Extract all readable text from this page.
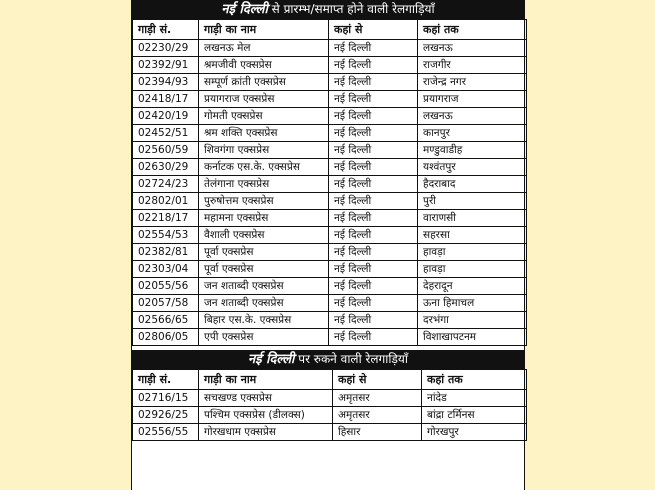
नई दिल्ली से प्रारम्भ/समाप्त होने वाली रेलगाड़ियाँ
गाड़ी सं.	गाड़ी का नाम	कहां से	कहां तक
02230/29	लखनऊ मेल	नई दिल्ली	लखनऊ
02392/91	श्रमजीवी एक्सप्रेस	नई दिल्ली	राजगीर
02394/93	सम्पूर्ण क्रांती एक्सप्रेस	नई दिल्ली	राजेन्द्र नगर
02418/17	प्रयागराज एक्सप्रेस	नई दिल्ली	प्रयागराज
02420/19	गोमती एक्सप्रेस	नई दिल्ली	लखनऊ
02452/51	श्रम शक्ति एक्सप्रेस	नई दिल्ली	कानपुर
02560/59	शिवगंगा एक्सप्रेस	नई दिल्ली	मण्डुवाडीह
02630/29	कर्नाटक एस.के. एक्सप्रेस	नई दिल्ली	यश्वंतपुर
02724/23	तेलंगाना एक्सप्रेस	नई दिल्ली	हैदराबाद
02802/01	पुरुषोत्तम एक्सप्रेस	नई दिल्ली	पुरी
02218/17	महामना एक्सप्रेस	नई दिल्ली	वाराणसी
02554/53	वैशाली एक्सप्रेस	नई दिल्ली	सहरसा
02382/81	पूर्वा एक्सप्रेस	नई दिल्ली	हावड़ा
02303/04	पूर्वा एक्सप्रेस	नई दिल्ली	हावड़ा
02055/56	जन शताब्दी एक्सप्रेस	नई दिल्ली	देहरादून
02057/58	जन शताब्दी एक्सप्रेस	नई दिल्ली	ऊना हिमाचल
02566/65	बिहार एस.के. एक्सप्रेस	नई दिल्ली	दरभंगा
02806/05	एपी एक्सप्रेस	नई दिल्ली	विशाखापटनम
नई दिल्ली पर रुकने वाली रेलगाड़ियाँ
गाड़ी सं.	गाड़ी का नाम	कहां से	कहां तक
02716/15	सचखण्ड एक्सप्रेस	अमृतसर	नांदेड
02926/25	पश्चिम एक्सप्रेस (डीलक्स)	अमृतसर	बांद्रा टर्मिनस
02556/55	गोरखधाम एक्सप्रेस	हिसार	गोरखपुर
